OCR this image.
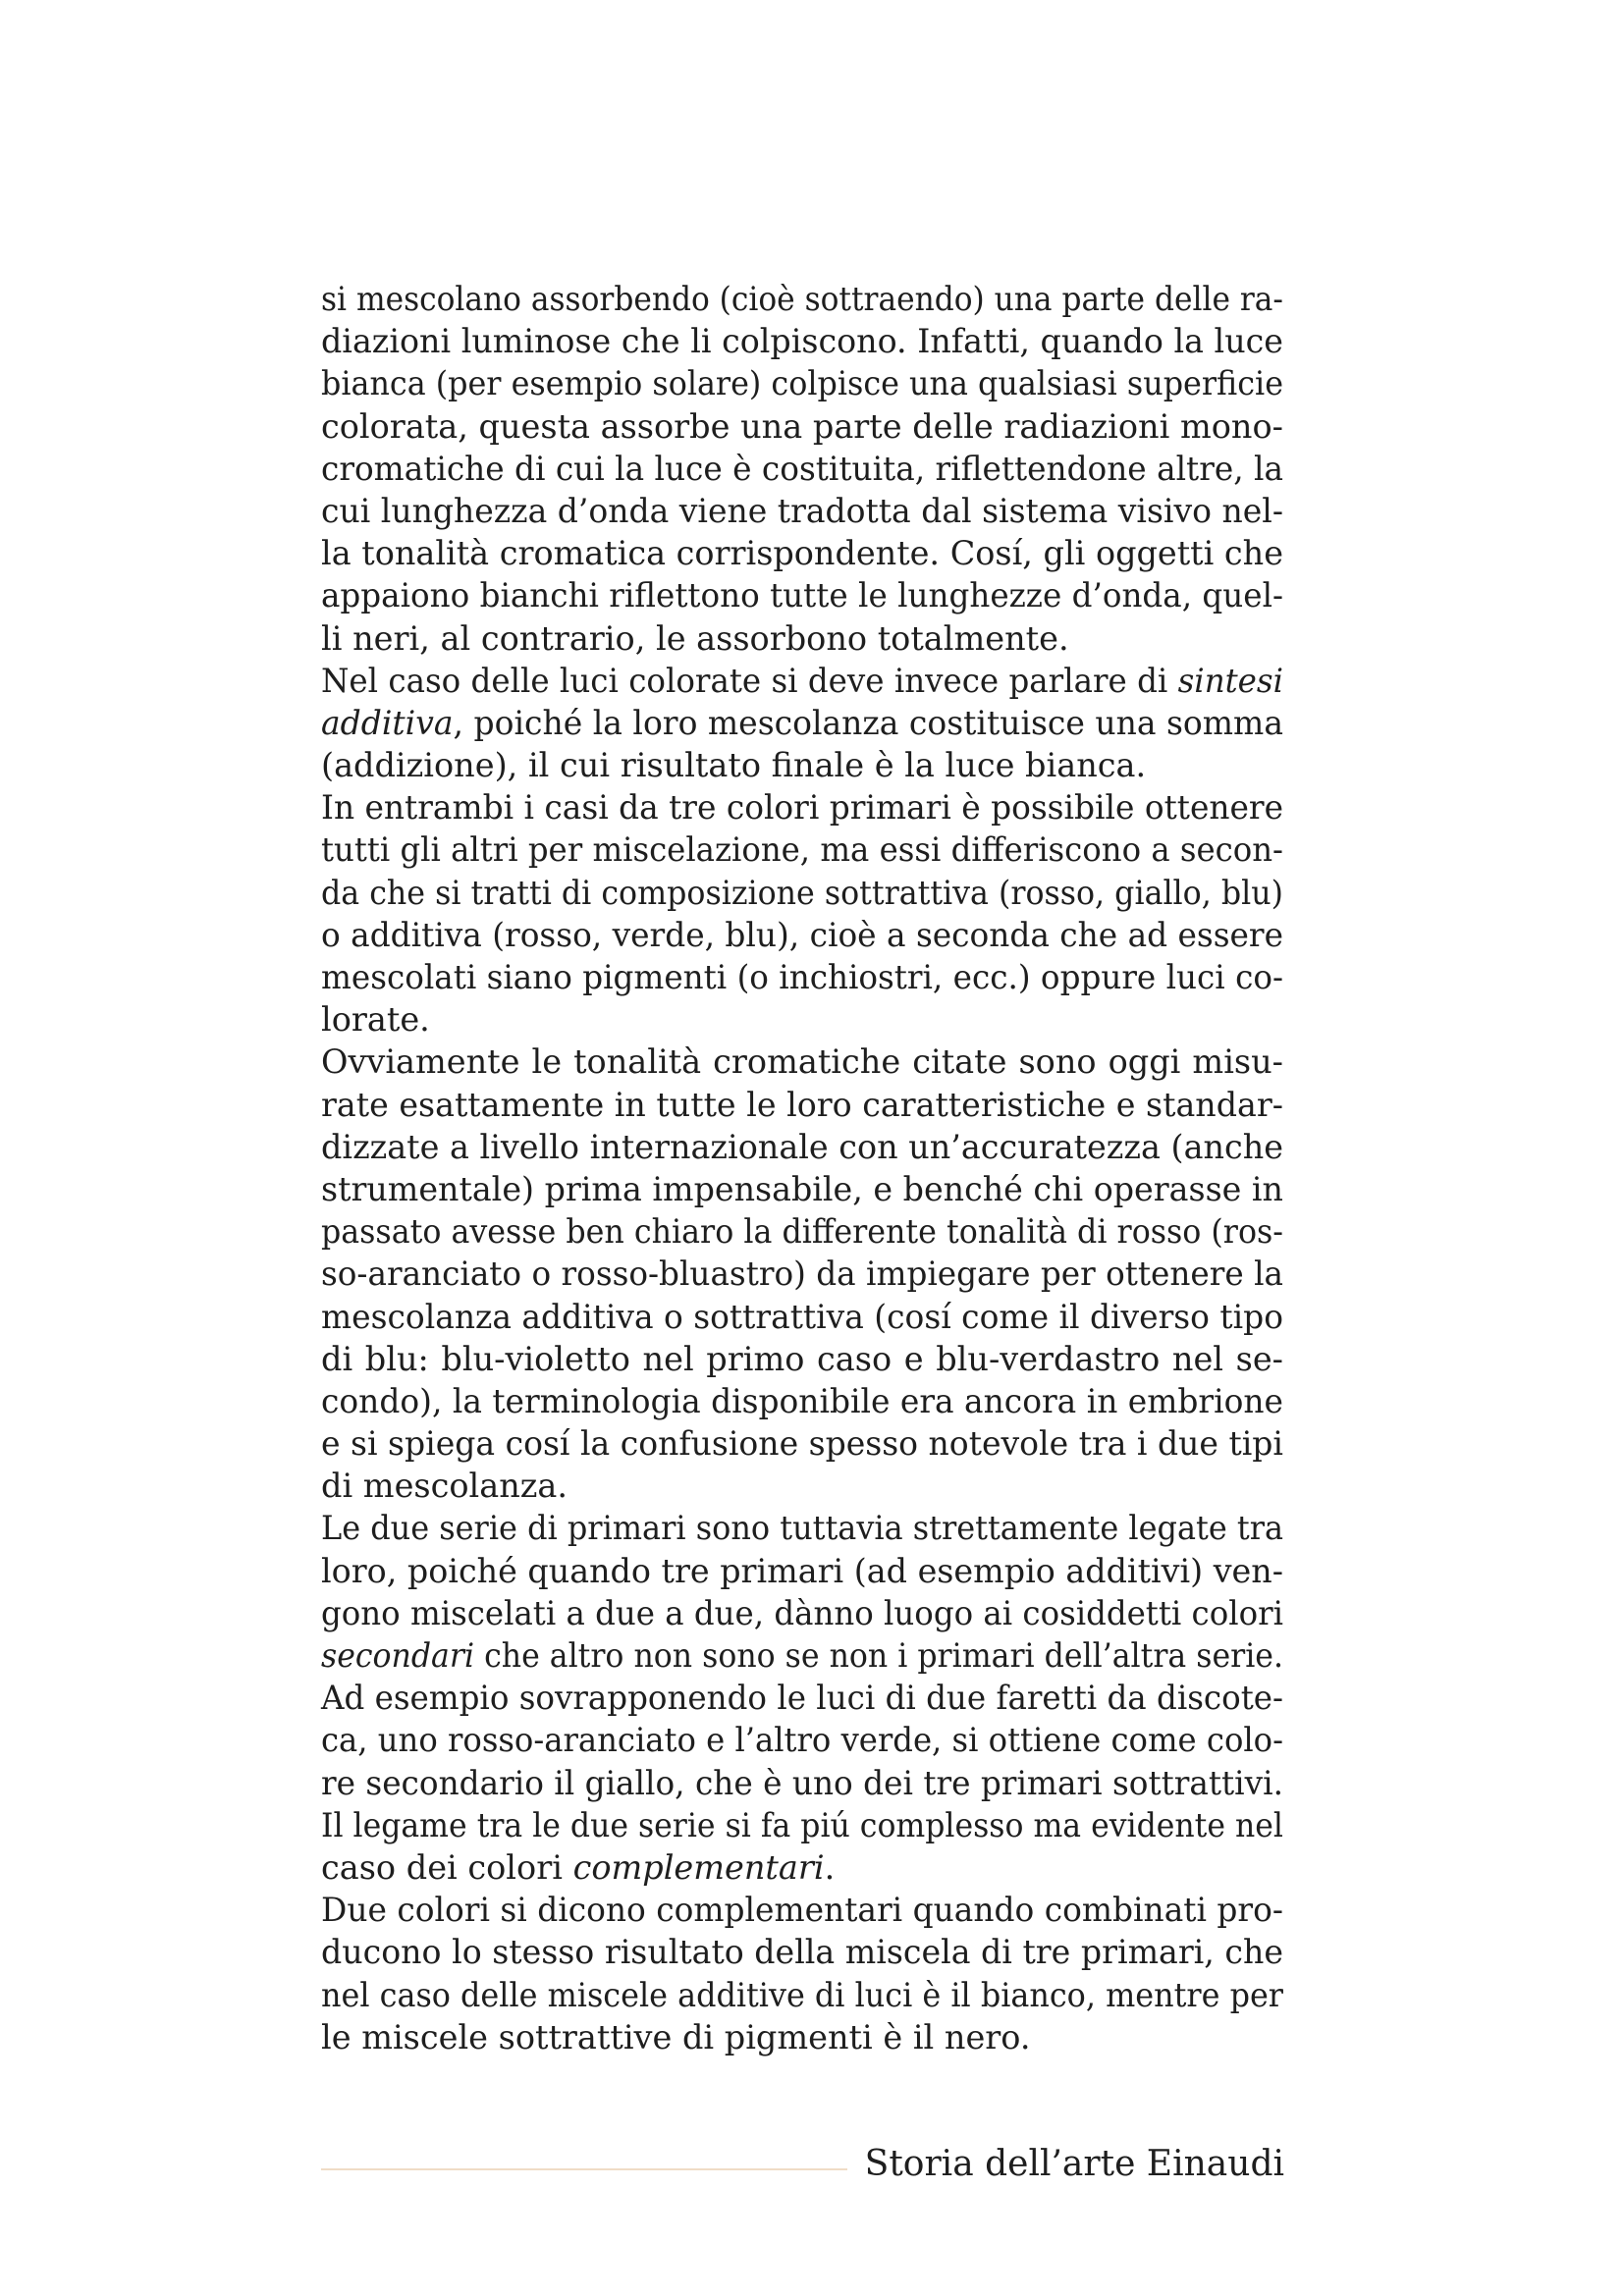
si mescolano assorbendo (cioè sottraendo) una parte delle ra-
diazioni luminose che li colpiscono. Infatti, quando la luce
bianca (per esempio solare) colpisce una qualsiasi superficie
colorata, questa assorbe una parte delle radiazioni mono-
cromatiche di cui la luce è costituita, riflettendone altre, la
cui lunghezza d’onda viene tradotta dal sistema visivo nel-
la tonalità cromatica corrispondente. Cosí, gli oggetti che
appaiono bianchi riflettono tutte le lunghezze d’onda, quel-
li neri, al contrario, le assorbono totalmente.
Nel caso delle luci colorate si deve invece parlare di sintesi
additiva, poiché la loro mescolanza costituisce una somma
(addizione), il cui risultato finale è la luce bianca.
In entrambi i casi da tre colori primari è possibile ottenere
tutti gli altri per miscelazione, ma essi differiscono a secon-
da che si tratti di composizione sottrattiva (rosso, giallo, blu)
o additiva (rosso, verde, blu), cioè a seconda che ad essere
mescolati siano pigmenti (o inchiostri, ecc.) oppure luci co-
lorate.
Ovviamente le tonalità cromatiche citate sono oggi misu-
rate esattamente in tutte le loro caratteristiche e standar-
dizzate a livello internazionale con un’accuratezza (anche
strumentale) prima impensabile, e benché chi operasse in
passato avesse ben chiaro la differente tonalità di rosso (ros-
so-aranciato o rosso-bluastro) da impiegare per ottenere la
mescolanza additiva o sottrattiva (cosí come il diverso tipo
di blu: blu-violetto nel primo caso e blu-verdastro nel se-
condo), la terminologia disponibile era ancora in embrione
e si spiega cosí la confusione spesso notevole tra i due tipi
di mescolanza.
Le due serie di primari sono tuttavia strettamente legate tra
loro, poiché quando tre primari (ad esempio additivi) ven-
gono miscelati a due a due, dànno luogo ai cosiddetti colori
secondari che altro non sono se non i primari dell’altra serie.
Ad esempio sovrapponendo le luci di due faretti da discote-
ca, uno rosso-aranciato e l’altro verde, si ottiene come colo-
re secondario il giallo, che è uno dei tre primari sottrattivi.
Il legame tra le due serie si fa piú complesso ma evidente nel
caso dei colori complementari.
Due colori si dicono complementari quando combinati pro-
ducono lo stesso risultato della miscela di tre primari, che
nel caso delle miscele additive di luci è il bianco, mentre per
le miscele sottrattive di pigmenti è il nero.
Storia dell’arte Einaudi
